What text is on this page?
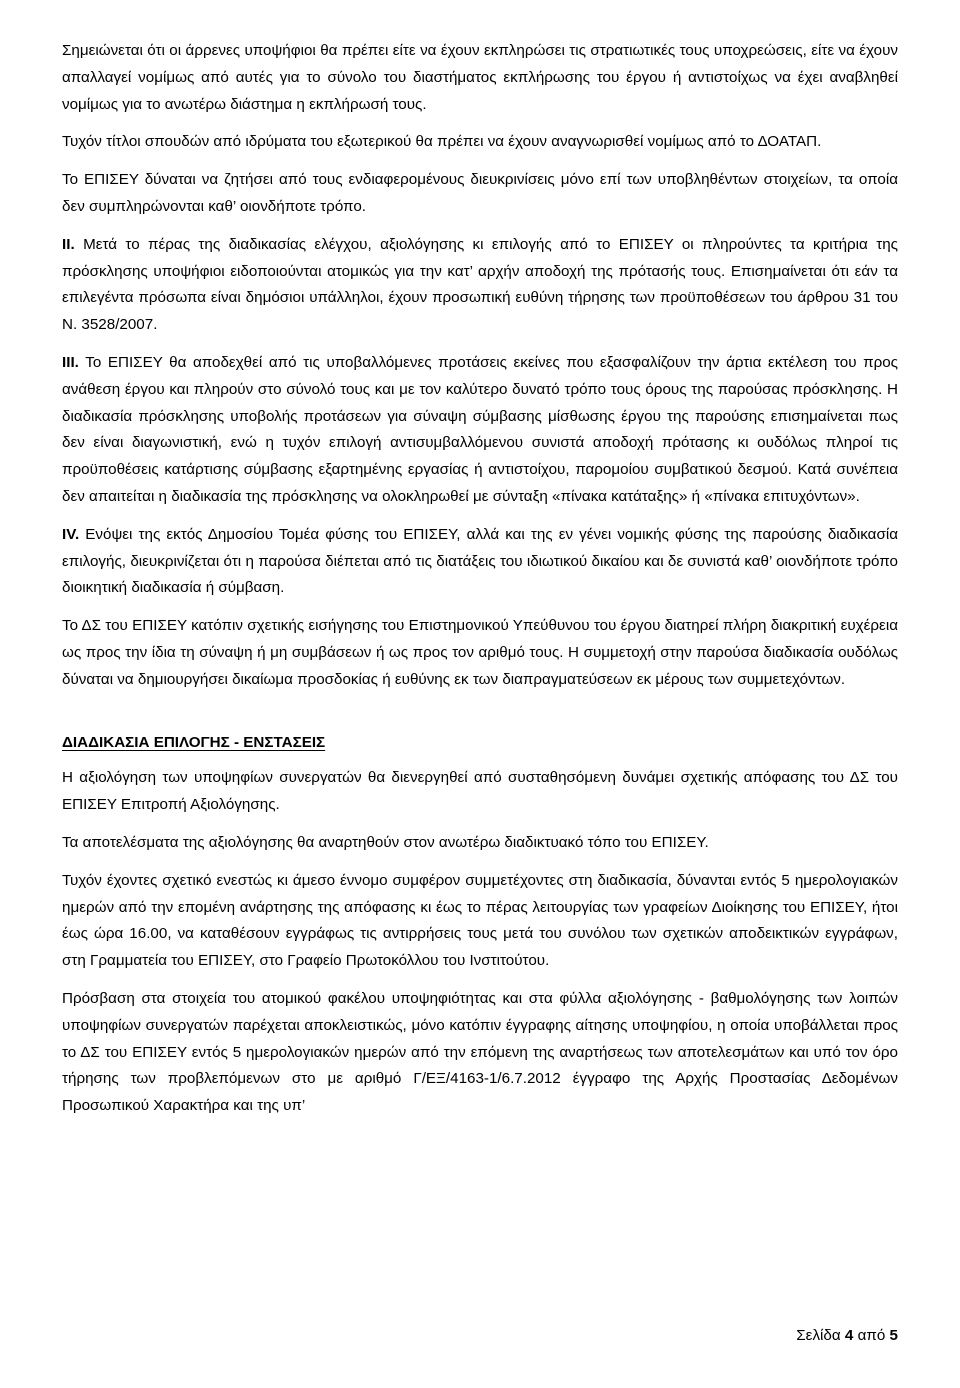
Σημειώνεται ότι οι άρρενες υποψήφιοι θα πρέπει είτε να έχουν εκπληρώσει τις στρατιωτικές τους υποχρεώσεις, είτε να έχουν απαλλαγεί νομίμως από αυτές για το σύνολο του διαστήματος εκπλήρωσης του έργου ή αντιστοίχως να έχει αναβληθεί νομίμως για το ανωτέρω διάστημα η εκπλήρωσή τους.

Τυχόν τίτλοι σπουδών από ιδρύματα του εξωτερικού θα πρέπει να έχουν αναγνωρισθεί νομίμως από το ΔΟΑΤΑΠ.

Το ΕΠΙΣΕΥ δύναται να ζητήσει από τους ενδιαφερομένους διευκρινίσεις μόνο επί των υποβληθέντων στοιχείων, τα οποία δεν συμπληρώνονται καθ’ οιονδήποτε τρόπο.

ΙΙ. Μετά το πέρας της διαδικασίας ελέγχου, αξιολόγησης κι επιλογής από το ΕΠΙΣΕΥ οι πληρούντες τα κριτήρια της πρόσκλησης υποψήφιοι ειδοποιούνται ατομικώς για την κατ’ αρχήν αποδοχή της πρότασής τους. Επισημαίνεται ότι εάν τα επιλεγέντα πρόσωπα είναι δημόσιοι υπάλληλοι, έχουν προσωπική ευθύνη τήρησης των προϋποθέσεων του άρθρου 31 του Ν. 3528/2007.

ΙΙΙ. Το ΕΠΙΣΕΥ θα αποδεχθεί από τις υποβαλλόμενες προτάσεις εκείνες που εξασφαλίζουν την άρτια εκτέλεση του προς ανάθεση έργου και πληρούν στο σύνολό τους και με τον καλύτερο δυνατό τρόπο τους όρους της παρούσας πρόσκλησης. Η διαδικασία πρόσκλησης υποβολής προτάσεων για σύναψη σύμβασης μίσθωσης έργου της παρούσης επισημαίνεται πως δεν είναι διαγωνιστική, ενώ η τυχόν επιλογή αντισυμβαλλόμενου συνιστά αποδοχή πρότασης κι ουδόλως πληροί τις προϋποθέσεις κατάρτισης σύμβασης εξαρτημένης εργασίας ή αντιστοίχου, παρομοίου συμβατικού δεσμού. Κατά συνέπεια δεν απαιτείται η διαδικασία της πρόσκλησης να ολοκληρωθεί με σύνταξη «πίνακα κατάταξης» ή «πίνακα επιτυχόντων».

IV. Ενόψει της εκτός Δημοσίου Τομέα φύσης του ΕΠΙΣΕΥ, αλλά και της εν γένει νομικής φύσης της παρούσης διαδικασία επιλογής, διευκρινίζεται ότι η παρούσα διέπεται από τις διατάξεις του ιδιωτικού δικαίου και δε συνιστά καθ’ οιονδήποτε τρόπο διοικητική διαδικασία ή σύμβαση.

Το ΔΣ του ΕΠΙΣΕΥ κατόπιν σχετικής εισήγησης του Επιστημονικού Υπεύθυνου του έργου διατηρεί πλήρη διακριτική ευχέρεια ως προς την ίδια τη σύναψη ή μη συμβάσεων ή ως προς τον αριθμό τους. Η συμμετοχή στην παρούσα διαδικασία ουδόλως δύναται να δημιουργήσει δικαίωμα προσδοκίας ή ευθύνης εκ των διαπραγματεύσεων εκ μέρους των συμμετεχόντων.

ΔΙΑΔΙΚΑΣΙΑ ΕΠΙΛΟΓΗΣ - ΕΝΣΤΑΣΕΙΣ

Η αξιολόγηση των υποψηφίων συνεργατών θα διενεργηθεί από συσταθησόμενη δυνάμει σχετικής απόφασης του ΔΣ του ΕΠΙΣΕΥ Επιτροπή Αξιολόγησης.

Τα αποτελέσματα της αξιολόγησης θα αναρτηθούν στον ανωτέρω διαδικτυακό τόπο του ΕΠΙΣΕΥ.

Τυχόν έχοντες σχετικό ενεστώς κι άμεσο έννομο συμφέρον συμμετέχοντες στη διαδικασία, δύνανται εντός 5 ημερολογιακών ημερών από την επομένη ανάρτησης της απόφασης κι έως το πέρας λειτουργίας των γραφείων Διοίκησης του ΕΠΙΣΕΥ, ήτοι έως ώρα 16.00, να καταθέσουν εγγράφως τις αντιρρήσεις τους μετά του συνόλου των σχετικών αποδεικτικών εγγράφων, στη Γραμματεία του ΕΠΙΣΕΥ, στο Γραφείο Πρωτοκόλλου του Ινστιτούτου.

Πρόσβαση στα στοιχεία του ατομικού φακέλου υποψηφιότητας και στα φύλλα αξιολόγησης - βαθμολόγησης των λοιπών υποψηφίων συνεργατών παρέχεται αποκλειστικώς, μόνο κατόπιν έγγραφης αίτησης υποψηφίου, η οποία υποβάλλεται προς το ΔΣ του ΕΠΙΣΕΥ εντός 5 ημερολογιακών ημερών από την επόμενη της αναρτήσεως των αποτελεσμάτων και υπό τον όρο τήρησης των προβλεπόμενων στο με αριθμό Γ/ΕΞ/4163-1/6.7.2012 έγγραφο της Αρχής Προστασίας Δεδομένων Προσωπικού Χαρακτήρα και της υπ’

Σελίδα 4 από 5
